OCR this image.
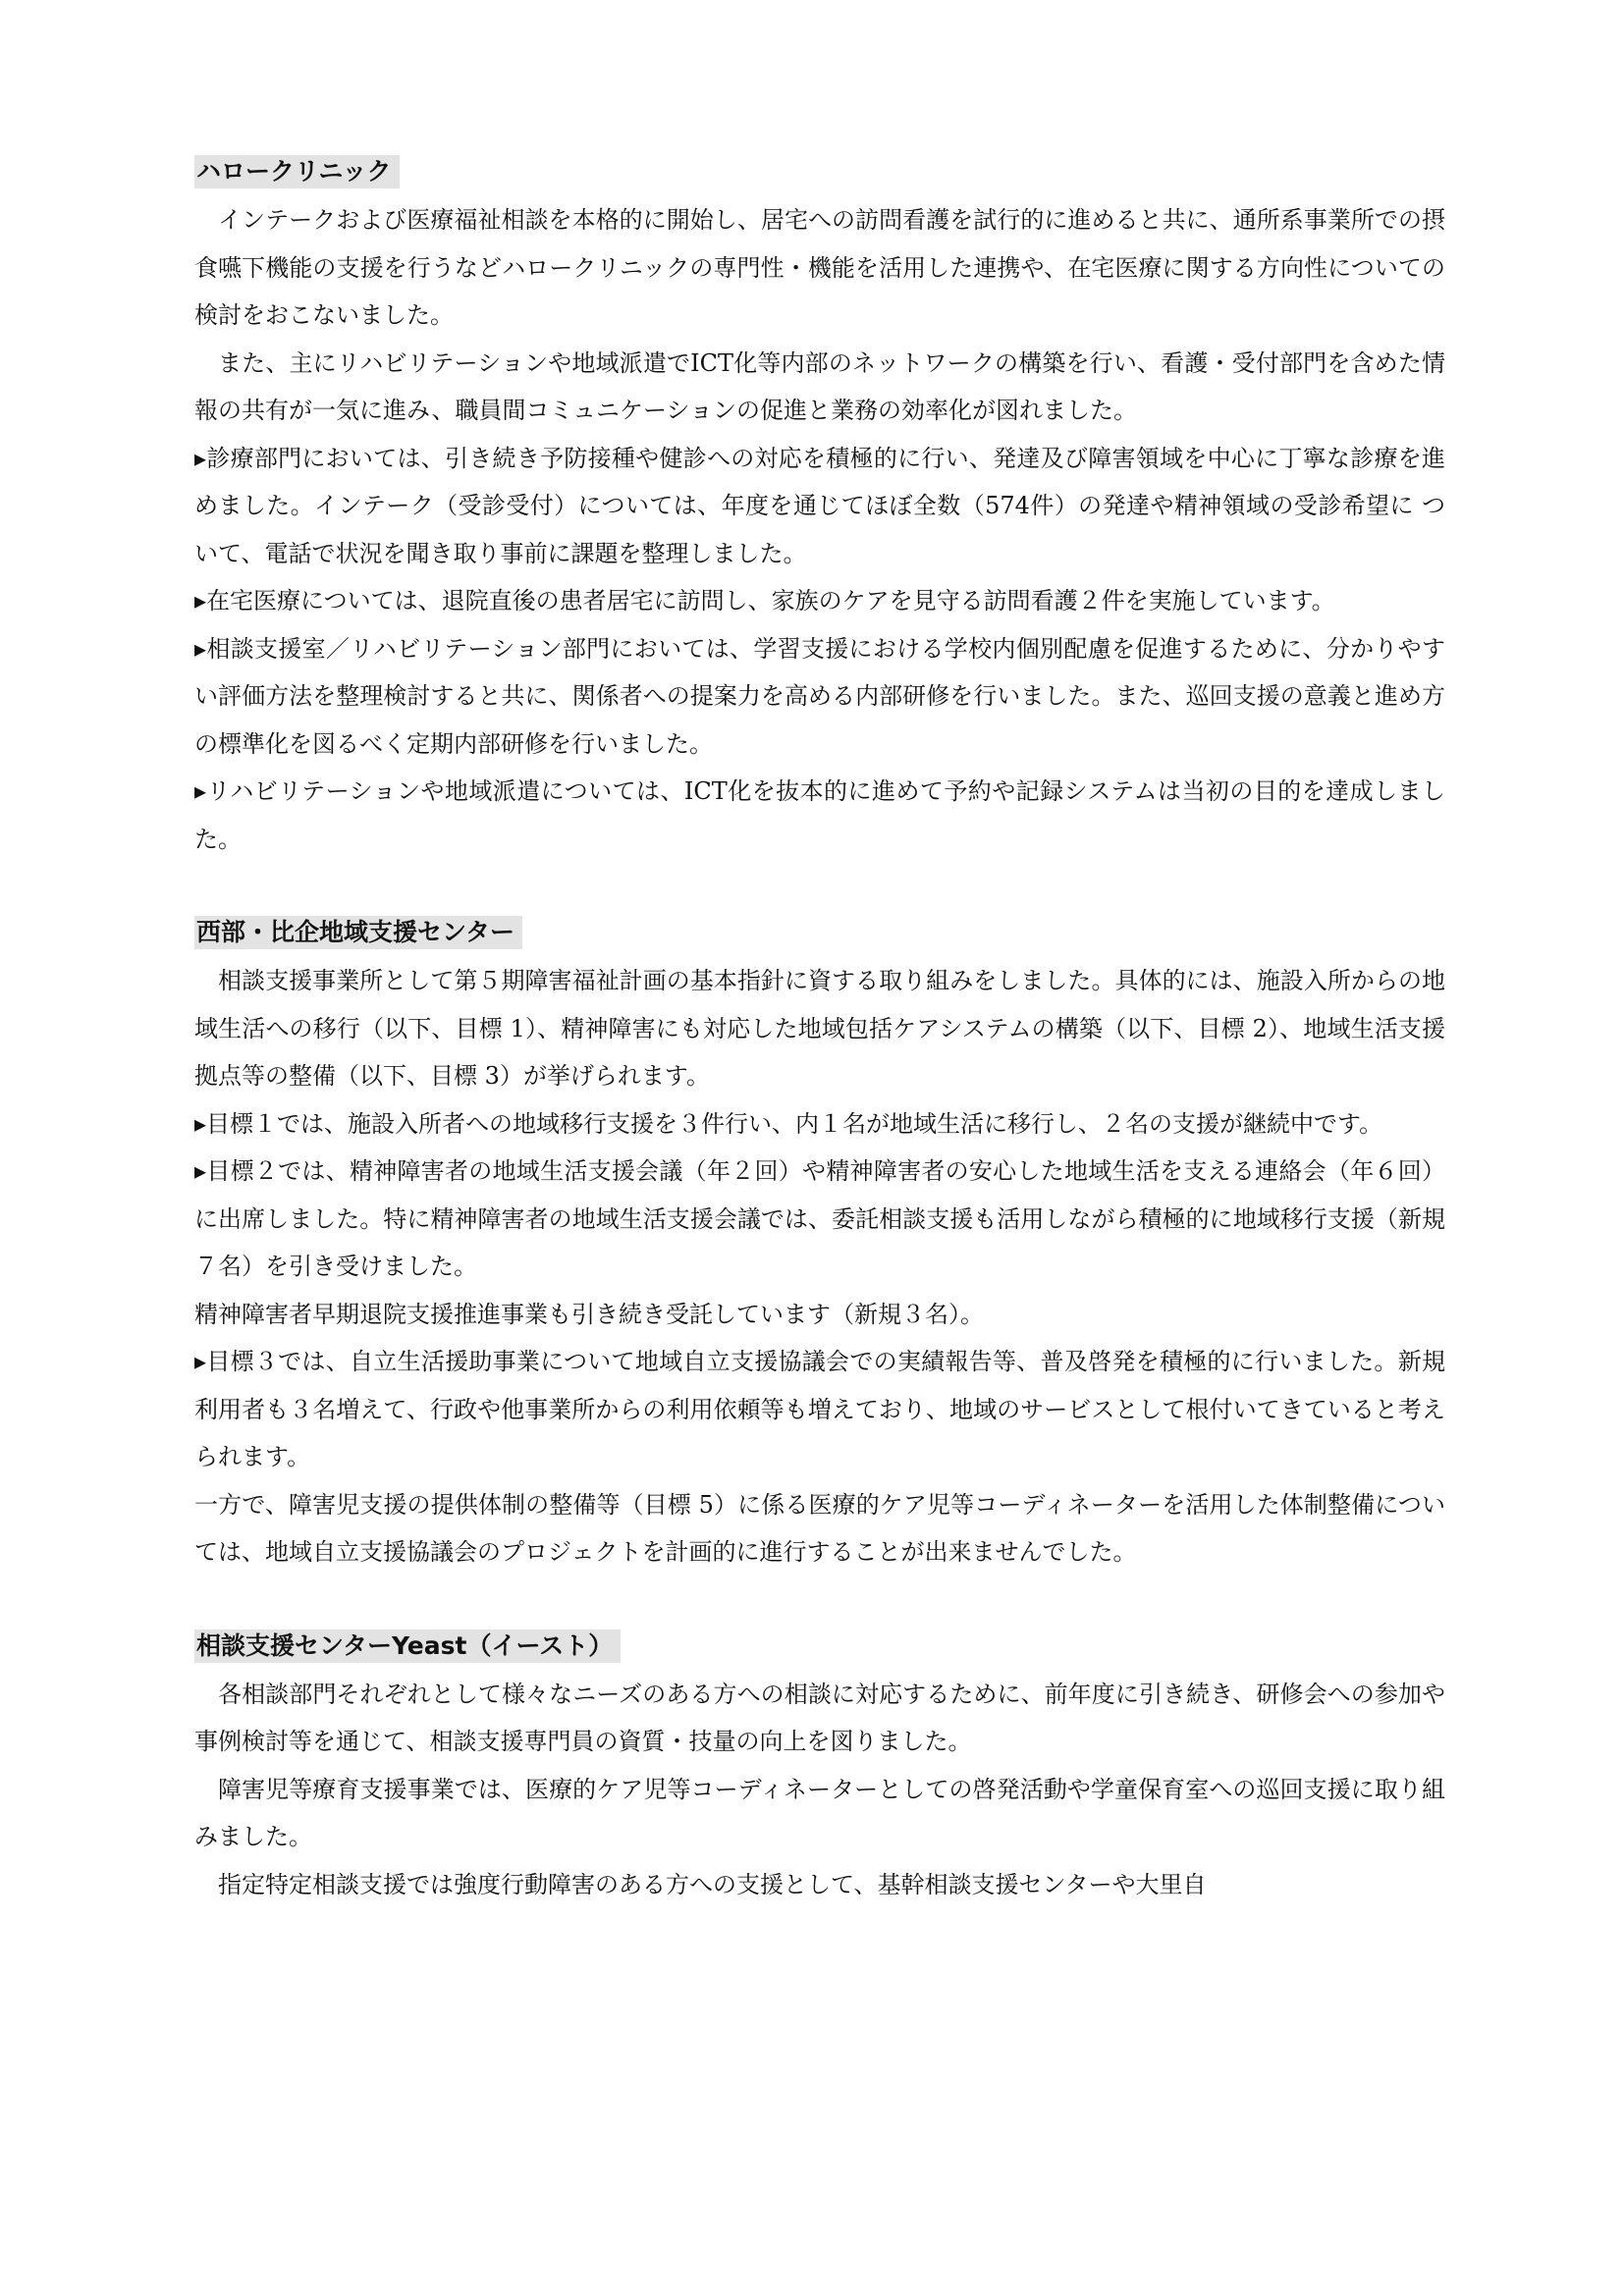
ハロークリニック

インテークおよび医療福祉相談を本格的に開始し、居宅への訪問看護を試行的に進めると共に、通所系事業所での摂食嚥下機能の支援を行うなどハロークリニックの専門性・機能を活用した連携や、在宅医療に関する方向性についての検討をおこないました。

また、主にリハビリテーションや地域派遣でICT化等内部のネットワークの構築を行い、看護・受付部門を含めた情報の共有が一気に進み、職員間コミュニケーションの促進と業務の効率化が図れました。

▸診療部門においては、引き続き予防接種や健診への対応を積極的に行い、発達及び障害領域を中心に丁寧な診療を進めました。インテーク（受診受付）については、年度を通じてほぼ全数（574件）の発達や精神領域の受診希望に ついて、電話で状況を聞き取り事前に課題を整理しました。

▸在宅医療については、退院直後の患者居宅に訪問し、家族のケアを見守る訪問看護２件を実施しています。

▸相談支援室／リハビリテーション部門においては、学習支援における学校内個別配慮を促進するために、分かりやすい評価方法を整理検討すると共に、関係者への提案力を高める内部研修を行いました。また、巡回支援の意義と進め方の標準化を図るべく定期内部研修を行いました。

▸リハビリテーションや地域派遣については、ICT化を抜本的に進めて予約や記録システムは当初の目的を達成しました。

西部・比企地域支援センター

相談支援事業所として第５期障害福祉計画の基本指針に資する取り組みをしました。具体的には、施設入所からの地域生活への移行（以下、目標 1）、精神障害にも対応した地域包括ケアシステムの構築（以下、目標 2）、地域生活支援拠点等の整備（以下、目標 3）が挙げられます。

▸目標１では、施設入所者への地域移行支援を３件行い、内１名が地域生活に移行し、２名の支援が継続中です。

▸目標２では、精神障害者の地域生活支援会議（年２回）や精神障害者の安心した地域生活を支える連絡会（年６回）に出席しました。特に精神障害者の地域生活支援会議では、委託相談支援も活用しながら積極的に地域移行支援（新規７名）を引き受けました。

精神障害者早期退院支援推進事業も引き続き受託しています（新規３名）。

▸目標３では、自立生活援助事業について地域自立支援協議会での実績報告等、普及啓発を積極的に行いました。新規利用者も３名増えて、行政や他事業所からの利用依頼等も増えており、地域のサービスとして根付いてきていると考えられます。

一方で、障害児支援の提供体制の整備等（目標 5）に係る医療的ケア児等コーディネーターを活用した体制整備については、地域自立支援協議会のプロジェクトを計画的に進行することが出来ませんでした。

相談支援センターYeast（イースト）

各相談部門それぞれとして様々なニーズのある方への相談に対応するために、前年度に引き続き、研修会への参加や事例検討等を通じて、相談支援専門員の資質・技量の向上を図りました。

障害児等療育支援事業では、医療的ケア児等コーディネーターとしての啓発活動や学童保育室への巡回支援に取り組みました。

指定特定相談支援では強度行動障害のある方への支援として、基幹相談支援センターや大里自
